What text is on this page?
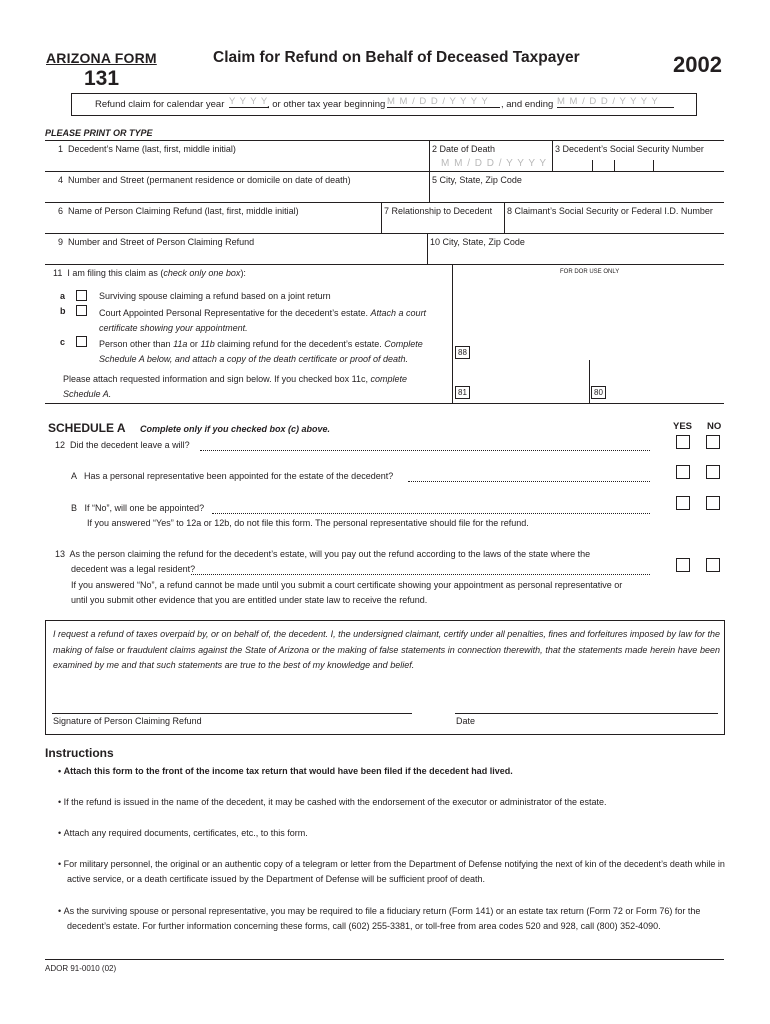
ARIZONA FORM
131
Claim for Refund on Behalf of Deceased Taxpayer	2002
Refund claim for calendar year Y Y Y Y
, or other tax year beginning M M / D D / Y Y Y Y	, and ending M M / D D / Y Y Y Y
PLEASE PRINT OR TYPE
1  Decedent’s Name (last, first, middle initial)	2 Date of Death
M M / D D / Y Y Y Y
3 Decedent’s Social Security Number
4  Number and Street (permanent residence or domicile on date of death)	5 City, State, Zip Code
6  Name of Person Claiming Refund (last, first, middle initial)	7 Relationship to Decedent 8 Claimant’s Social Security or Federal I.D. Number
9  Number and Street of Person Claiming Refund	10 City, State, Zip Code
11  I am filing this claim as (check only one box):	FOR DOR USE ONLY
a	Surviving spouse claiming a refund based on a joint return
b	Court Appointed Personal Representative for the decedent’s estate. Attach a court
certificate showing your appointment.
c	Person other than 11a or 11b claiming refund for the decedent’s estate. Complete
Schedule A below, and attach a copy of the death certificate or proof of death.
Please attach requested information and sign below. If you checked box 11c, complete
Schedule A.
88
81	80
SCHEDULE A Complete only if you checked box (c) above.	YES NO
12  Did the decedent leave a will?
A   Has a personal representative been appointed for the estate of the decedent?
B   If “No”, will one be appointed?
If you answered “Yes” to 12a or 12b, do not file this form. The personal representative should file for the refund.
13  As the person claiming the refund for the decedent’s estate, will you pay out the refund according to the laws of the state where the
decedent was a legal resident?
If you answered “No”, a refund cannot be made until you submit a court certificate showing your appointment as personal representative or
until you submit other evidence that you are entitled under state law to receive the refund.
I request a refund of taxes overpaid by, or on behalf of, the decedent. I, the undersigned claimant, certify under all penalties, fines and forfeitures imposed by law for the making of false or fraudulent claims against the State of Arizona or the making of false statements in connection therewith, that the statements made herein have been examined by me and that such statements are true to the best of my knowledge and belief.
Signature of Person Claiming Refund	Date
Instructions
• Attach this form to the front of the income tax return that would have been filed if the decedent had lived.
• If the refund is issued in the name of the decedent, it may be cashed with the endorsement of the executor or administrator of the estate.
• Attach any required documents, certificates, etc., to this form.
• For military personnel, the original or an authentic copy of a telegram or letter from the Department of Defense notifying the next of kin of the decedent’s death while in active service, or a death certificate issued by the Department of Defense will be sufficient proof of death.
• As the surviving spouse or personal representative, you may be required to file a fiduciary return (Form 141) or an estate tax return (Form 72 or Form 76) for the decedent’s estate. For further information concerning these forms, call (602) 255-3381, or toll-free from area codes 520 and 928, call (800) 352-4090.
ADOR 91-0010 (02)
